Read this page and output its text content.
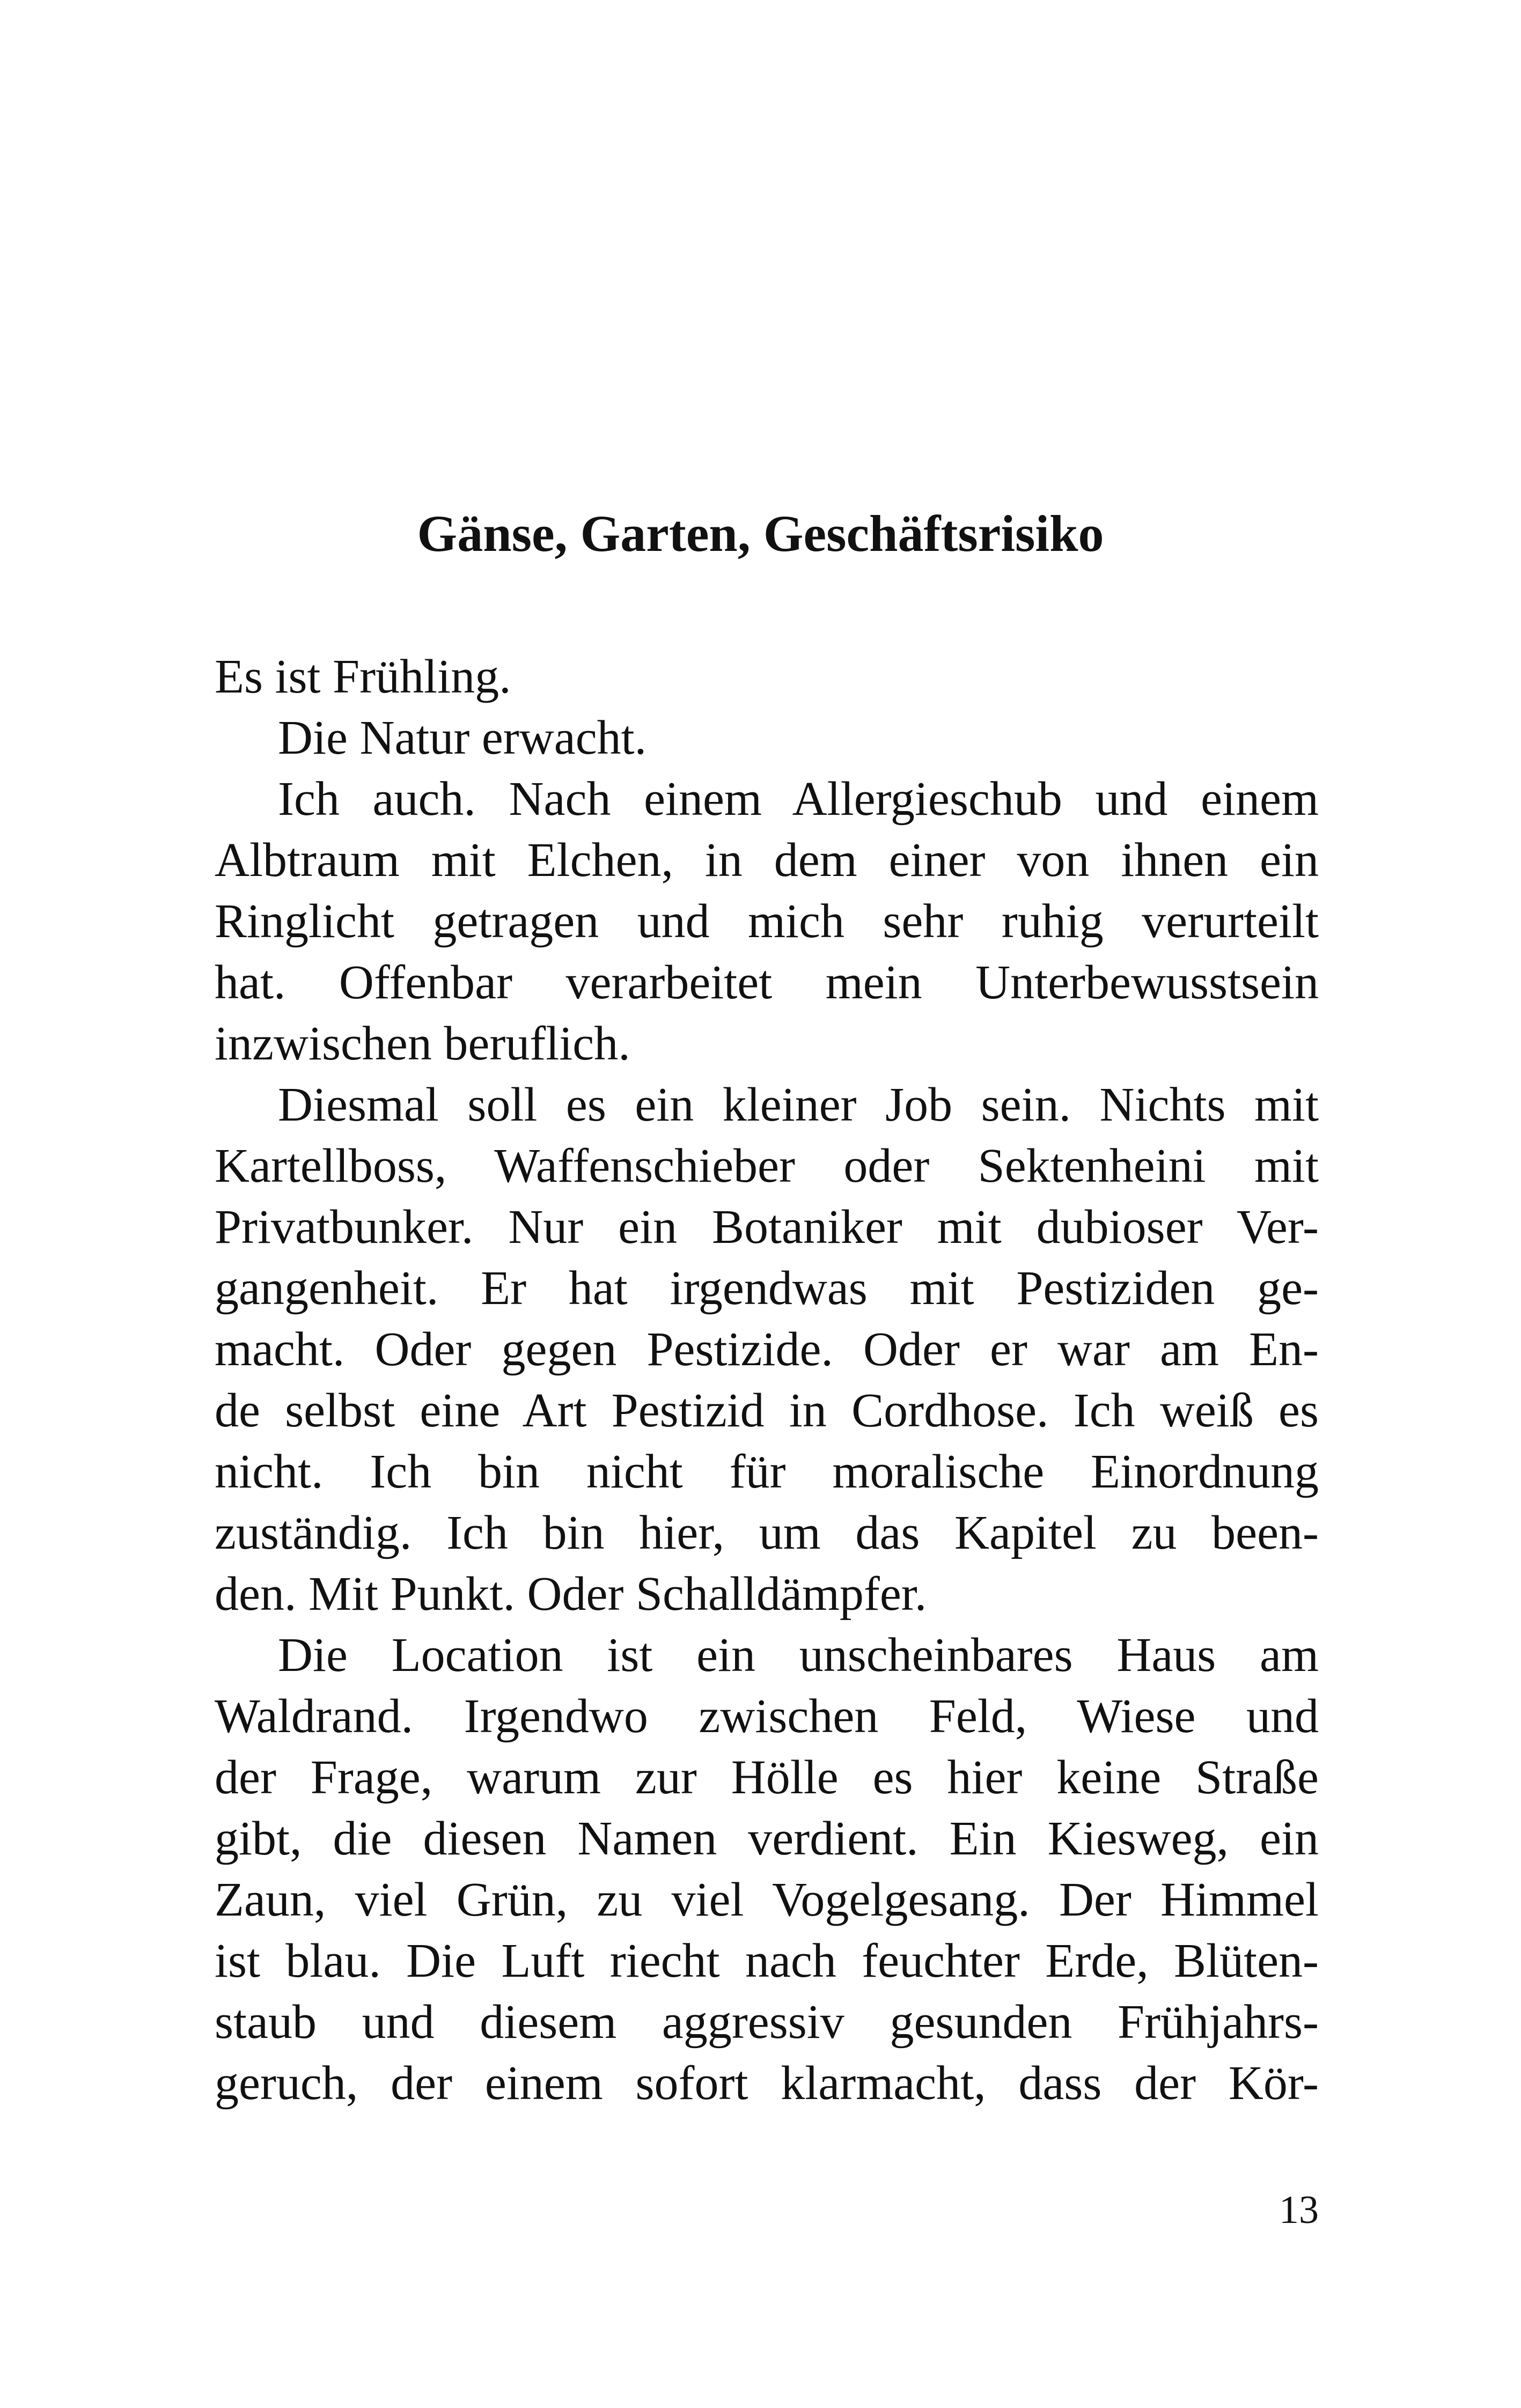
Gänse, Garten, Geschäftsrisiko
Es ist Frühling.
Die Natur erwacht.
Ich auch. Nach einem Allergieschub und einem
Albtraum mit Elchen, in dem einer von ihnen ein
Ringlicht getragen und mich sehr ruhig verurteilt
hat. Offenbar verarbeitet mein Unterbewusstsein
inzwischen beruflich.
Diesmal soll es ein kleiner Job sein. Nichts mit
Kartellboss, Waffenschieber oder Sektenheini mit
Privatbunker. Nur ein Botaniker mit dubioser Ver-
gangenheit. Er hat irgendwas mit Pestiziden ge-
macht. Oder gegen Pestizide. Oder er war am En-
de selbst eine Art Pestizid in Cordhose. Ich weiß es
nicht. Ich bin nicht für moralische Einordnung
zuständig. Ich bin hier, um das Kapitel zu been-
den. Mit Punkt. Oder Schalldämpfer.
Die Location ist ein unscheinbares Haus am
Waldrand. Irgendwo zwischen Feld, Wiese und
der Frage, warum zur Hölle es hier keine Straße
gibt, die diesen Namen verdient. Ein Kiesweg, ein
Zaun, viel Grün, zu viel Vogelgesang. Der Himmel
ist blau. Die Luft riecht nach feuchter Erde, Blüten-
staub und diesem aggressiv gesunden Frühjahrs-
geruch, der einem sofort klarmacht, dass der Kör-

13
